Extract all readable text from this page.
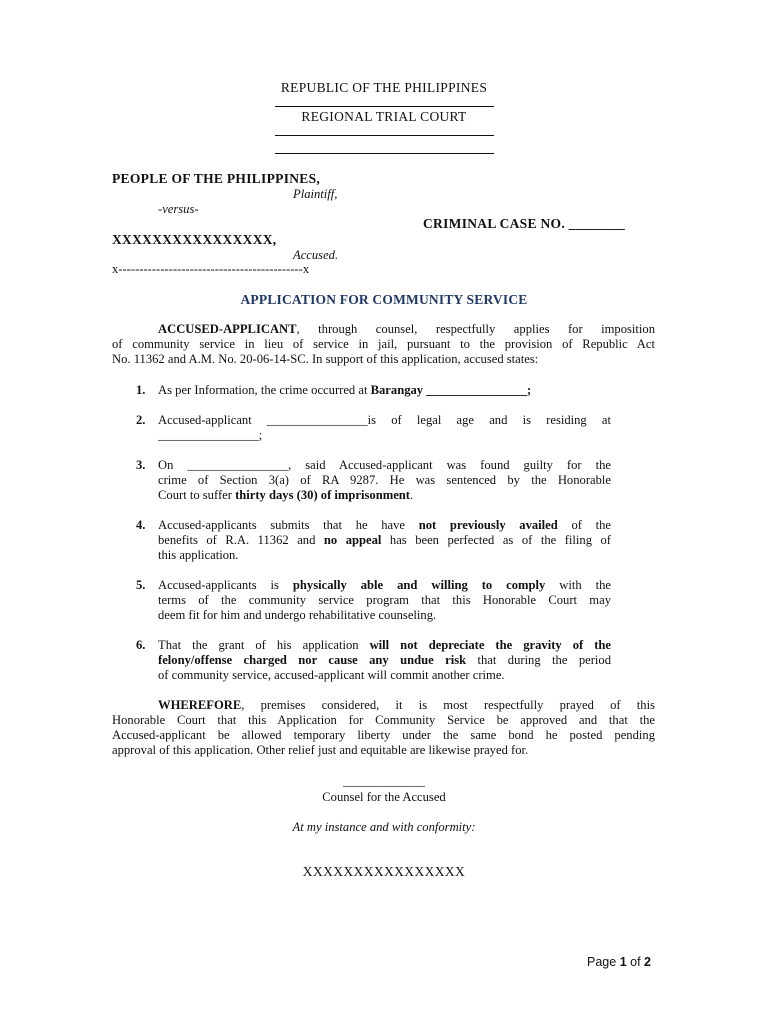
REPUBLIC OF THE PHILIPPINES
REGIONAL TRIAL COURT
PEOPLE OF THE PHILIPPINES,
Plaintiff,
-versus-
CRIMINAL CASE NO. ________
XXXXXXXXXXXXXXXX,
Accused.
x--------------------------------------------x
APPLICATION FOR COMMUNITY SERVICE
ACCUSED-APPLICANT, through counsel, respectfully applies for imposition
of community service in lieu of service in jail, pursuant to the provision of Republic Act
No. 11362 and A.M. No. 20-06-14-SC. In support of this application, accused states:
1. As per Information, the crime occurred at Barangay ________________;
2. Accused-applicant ________________is of legal age and is residing at
________________;
3. On ________________, said Accused-applicant was found guilty for the
crime of Section 3(a) of RA 9287. He was sentenced by the Honorable
Court to suffer thirty days (30) of imprisonment.
4. Accused-applicants submits that he have not previously availed of the
benefits of R.A. 11362 and no appeal has been perfected as of the filing of
this application.
5. Accused-applicants is physically able and willing to comply with the
terms of the community service program that this Honorable Court may
deem fit for him and undergo rehabilitative counseling.
6. That the grant of his application will not depreciate the gravity of the
felony/offense charged nor cause any undue risk that during the period
of community service, accused-applicant will commit another crime.
WHEREFORE, premises considered, it is most respectfully prayed of this
Honorable Court that this Application for Community Service be approved and that the
Accused-applicant be allowed temporary liberty under the same bond he posted pending
approval of this application. Other relief just and equitable are likewise prayed for.
_____________
Counsel for the Accused
At my instance and with conformity:
XXXXXXXXXXXXXXXX
Page 1 of 2
